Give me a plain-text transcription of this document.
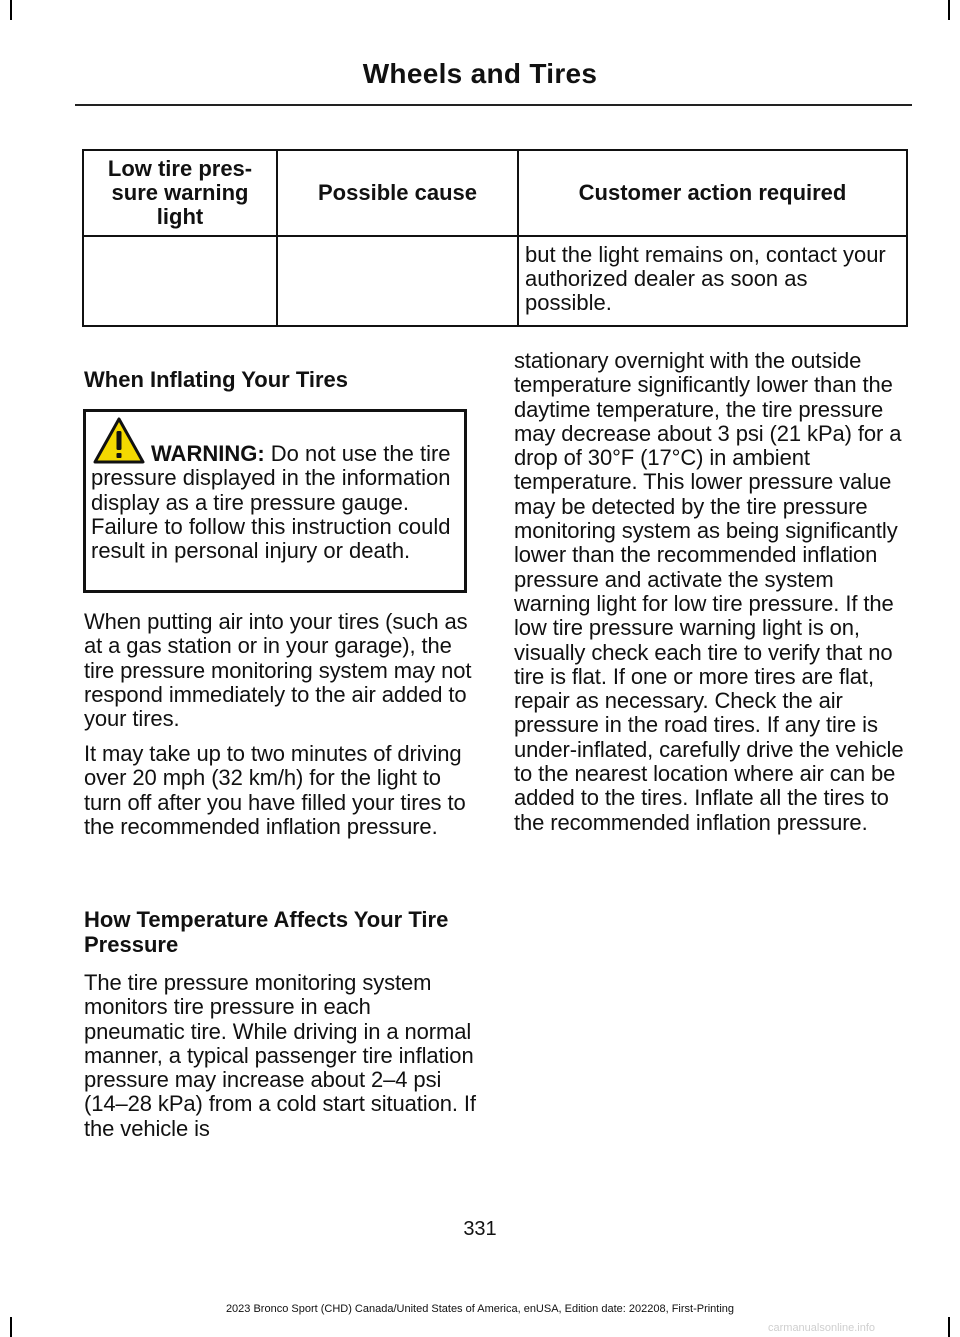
Wheels and Tires
Low tire pres-sure warning light	Possible cause	Customer action required
		but the light remains on, contact your authorized dealer as soon as possible.
When Inflating Your Tires
WARNING: Do not use the tire pressure displayed in the information display as a tire pressure gauge. Failure to follow this instruction could result in personal injury or death.
When putting air into your tires (such as at a gas station or in your garage), the tire pressure monitoring system may not respond immediately to the air added to your tires.
It may take up to two minutes of driving over 20 mph (32 km/h) for the light to turn off after you have filled your tires to the recommended inflation pressure.
How Temperature Affects Your Tire Pressure
The tire pressure monitoring system monitors tire pressure in each pneumatic tire. While driving in a normal manner, a typical passenger tire inflation pressure may increase about 2–4 psi (14–28 kPa) from a cold start situation. If the vehicle is
stationary overnight with the outside temperature significantly lower than the daytime temperature, the tire pressure may decrease about 3 psi (21 kPa) for a drop of 30°F (17°C) in ambient temperature. This lower pressure value may be detected by the tire pressure monitoring system as being significantly lower than the recommended inflation pressure and activate the system warning light for low tire pressure. If the low tire pressure warning light is on, visually check each tire to verify that no tire is flat. If one or more tires are flat, repair as necessary. Check the air pressure in the road tires. If any tire is under-inflated, carefully drive the vehicle to the nearest location where air can be added to the tires. Inflate all the tires to the recommended inflation pressure.
331
2023 Bronco Sport (CHD) Canada/United States of America, enUSA, Edition date: 202208, First-Printing
carmanualsonline.info
